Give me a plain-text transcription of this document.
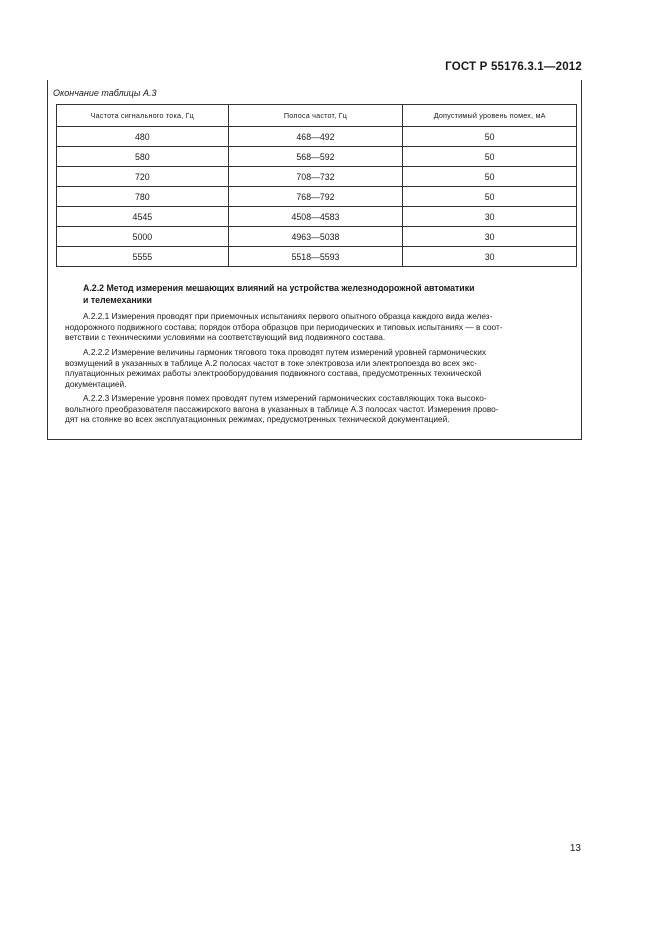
ГОСТ Р 55176.3.1—2012
Окончание таблицы А.3
Частота сигнального тока, Гц	Полоса частот, Гц	Допустимый уровень помех, мА
480	468—492	50
580	568—592	50
720	708—732	50
780	768—792	50
4545	4508—4583	30
5000	4963—5038	30
5555	5518—5593	30
А.2.2 Метод измерения мешающих влияний на устройства железнодорожной автоматики
и телемеханики

А.2.2.1 Измерения проводят при приемочных испытаниях первого опытного образца каждого вида желез-
нодорожного подвижного состава; порядок отбора образцов при периодических и типовых испытаниях — в соот-
ветствии с техническими условиями на соответствующий вид подвижного состава.

А.2.2.2 Измерение величины гармоник тягового тока проводят путем измерений уровней гармонических
возмущений в указанных в таблице А.2 полосах частот в токе электровоза или электропоезда во всех экс-
плуатационных режимах работы электрооборудования подвижного состава, предусмотренных технической
документацией.

А.2.2.3 Измерение уровня помех проводят путем измерений гармонических составляющих тока высоко-
вольтного преобразователя пассажирского вагона в указанных в таблице А.3 полосах частот. Измерения прово-
дят на стоянке во всех эксплуатационных режимах, предусмотренных технической документацией.

13
